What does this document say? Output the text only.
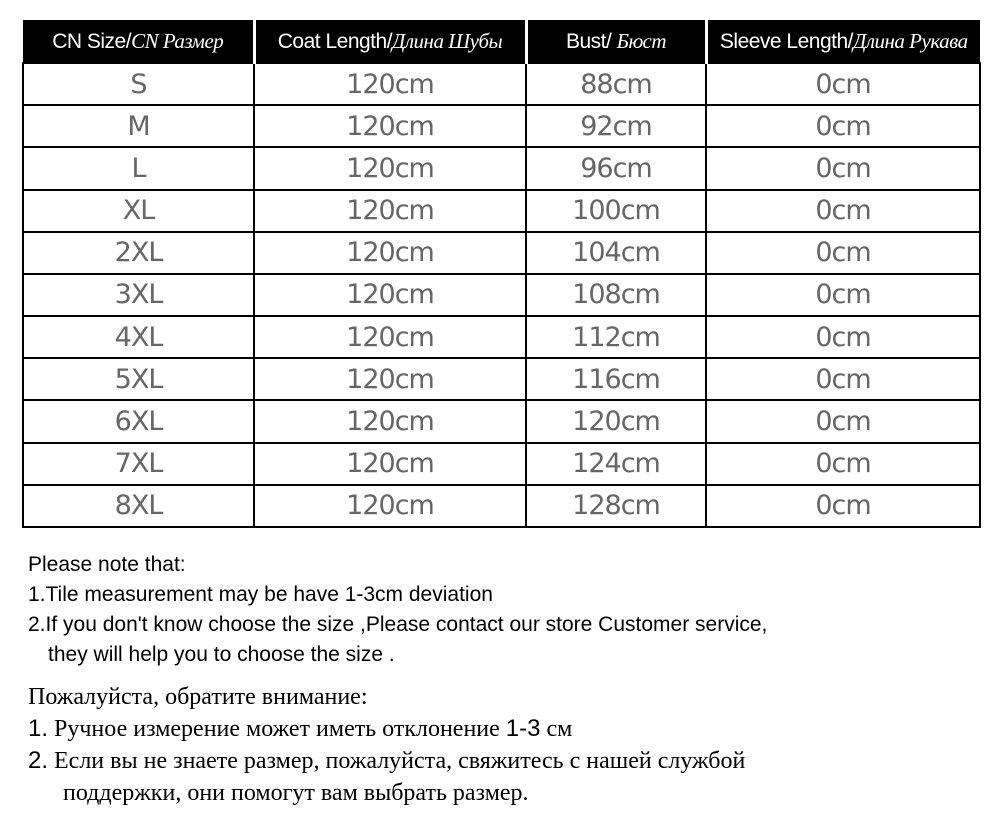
CN Size/CN Размер	Coat Length/Длина Шубы	Bust/ Бюст	Sleeve Length/Длина Рукава
S	120cm	88cm	0cm
M	120cm	92cm	0cm
L	120cm	96cm	0cm
XL	120cm	100cm	0cm
2XL	120cm	104cm	0cm
3XL	120cm	108cm	0cm
4XL	120cm	112cm	0cm
5XL	120cm	116cm	0cm
6XL	120cm	120cm	0cm
7XL	120cm	124cm	0cm
8XL	120cm	128cm	0cm
Please note that:
1.Tile measurement may be have 1-3cm deviation
2.If you don't know choose the size ,Please contact our store Customer service,
they will help you to choose the size .
Пожалуйста, обратите внимание:
1. Ручное измерение может иметь отклонение 1-3 см
2. Если вы не знаете размер, пожалуйста, свяжитесь с нашей службой
поддержки, они помогут вам выбрать размер.
